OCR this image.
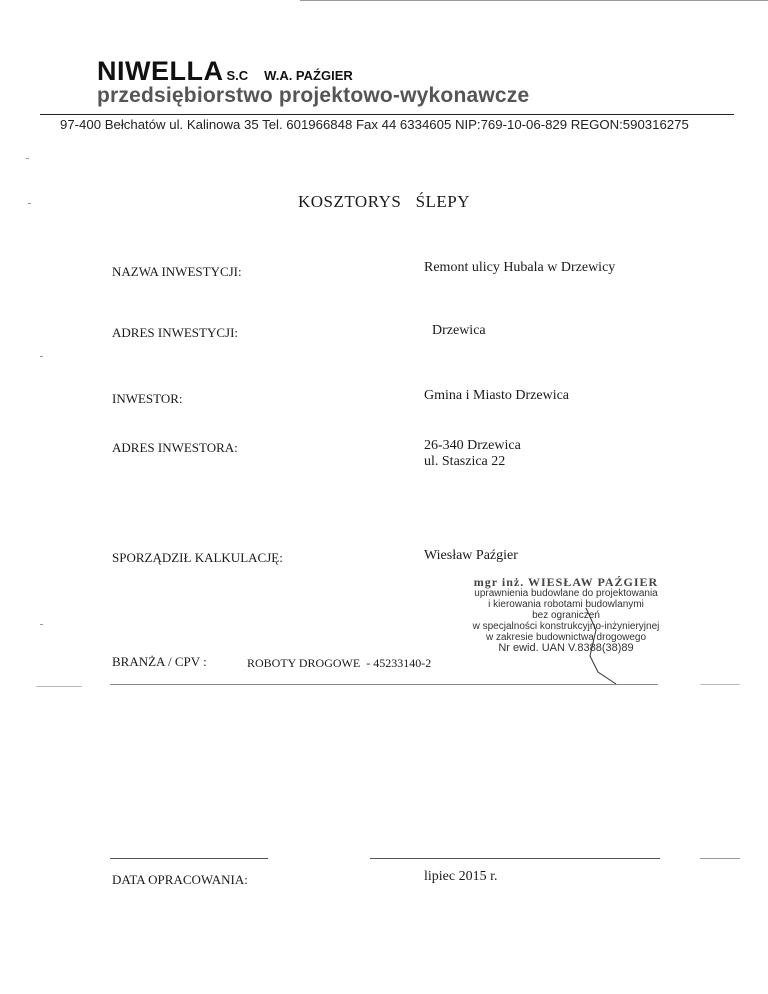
NIWELLA S.C W.A. PAŹGIER
przedsiębiorstwo projektowo-wykonawcze
97-400 Bełchatów ul. Kalinowa 35 Tel. 601966848 Fax 44 6334605 NIP:769-10-06-829 REGON:590316275
KOSZTORYS   ŚLEPY
NAZWA INWESTYCJI:	Remont ulicy Hubala w Drzewicy
ADRES INWESTYCJI:	Drzewica
INWESTOR:	Gmina i Miasto Drzewica
ADRES INWESTORA:	26-340 Drzewica
ul. Staszica 22
SPORZĄDZIŁ KALKULACJĘ:	Wiesław Paźgier
mgr inż. WIESŁAW PAŹGIER
uprawnienia budowlane do projektowania
i kierowania robotami budowlanymi
bez ograniczeń
w specjalności konstrukcyjno-inżynieryjnej
w zakresie budownictwa drogowego
Nr ewid. UAN V.8388(38)89
BRANŻA / CPV :	ROBOTY DROGOWE  - 45233140-2
DATA OPRACOWANIA:	lipiec 2015 r.
